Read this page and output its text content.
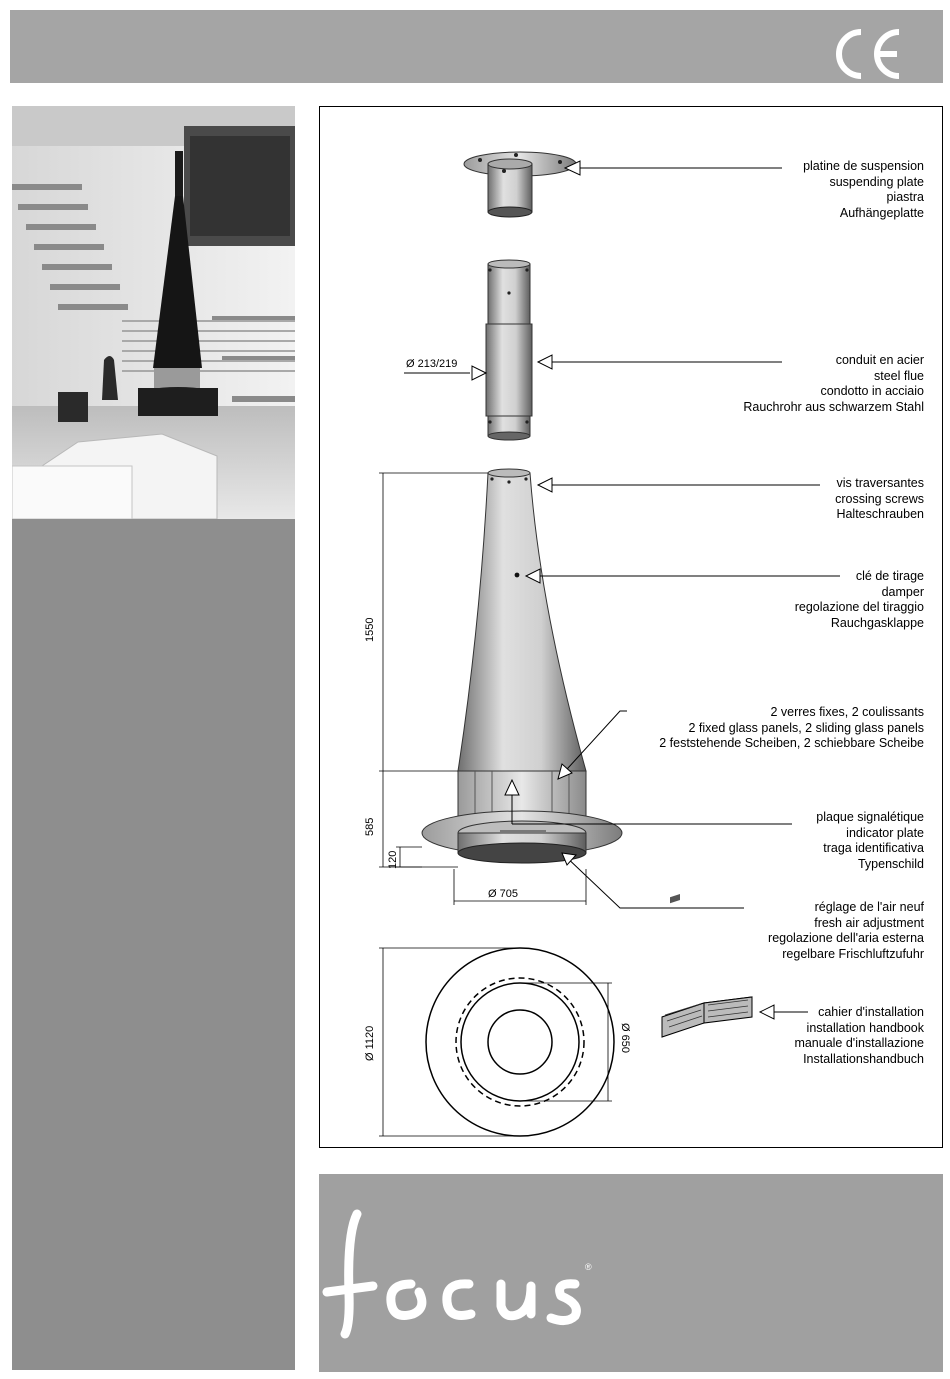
platine de suspension
suspending plate
piastra
Aufhängeplatte
conduit en acier
steel flue
condotto in acciaio
Rauchrohr aus schwarzem Stahl
vis traversantes
crossing screws
Halteschrauben
clé de tirage
damper
regolazione del tiraggio
Rauchgasklappe
2 verres fixes, 2 coulissants
2 fixed glass panels, 2 sliding glass panels
2 feststehende Scheiben, 2 schiebbare Scheibe
plaque signalétique
indicator plate
traga identificativa
Typenschild
réglage de l'air neuf
fresh air adjustment
regolazione dell'aria esterna
regelbare Frischluftzufuhr
cahier d'installation
installation handbook
manuale d'installazione
Installationshandbuch
Ø 213/219
1550
585
120
Ø 705
Ø 1120	Ø 650
®
